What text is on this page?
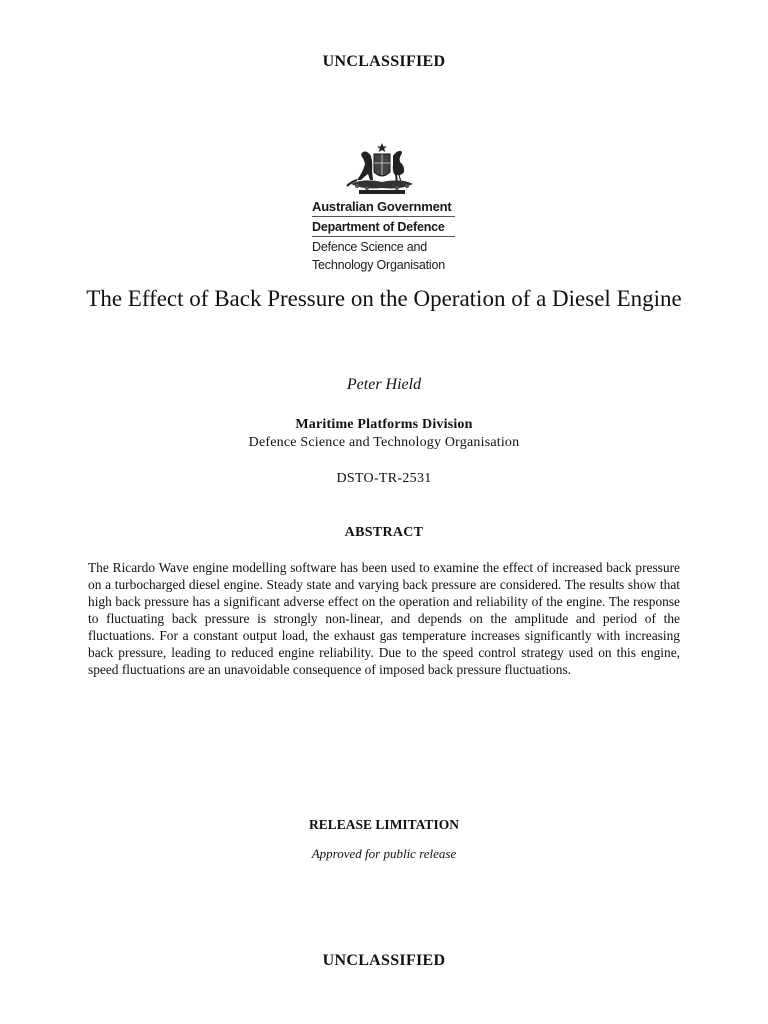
UNCLASSIFIED
Australian Government
Department of Defence
Defence Science and
Technology Organisation
The Effect of Back Pressure on the Operation of a Diesel Engine
Peter Hield
Maritime Platforms Division
Defence Science and Technology Organisation
DSTO-TR-2531
ABSTRACT

The Ricardo Wave engine modelling software has been used to examine the effect of increased back pressure on a turbocharged diesel engine. Steady state and varying back pressure are considered. The results show that high back pressure has a significant adverse effect on the operation and reliability of the engine. The response to fluctuating back pressure is strongly non-linear, and depends on the amplitude and period of the fluctuations. For a constant output load, the exhaust gas temperature increases significantly with increasing back pressure, leading to reduced engine reliability. Due to the speed control strategy used on this engine, speed fluctuations are an unavoidable consequence of imposed back pressure fluctuations.

RELEASE LIMITATION
Approved for public release
UNCLASSIFIED
